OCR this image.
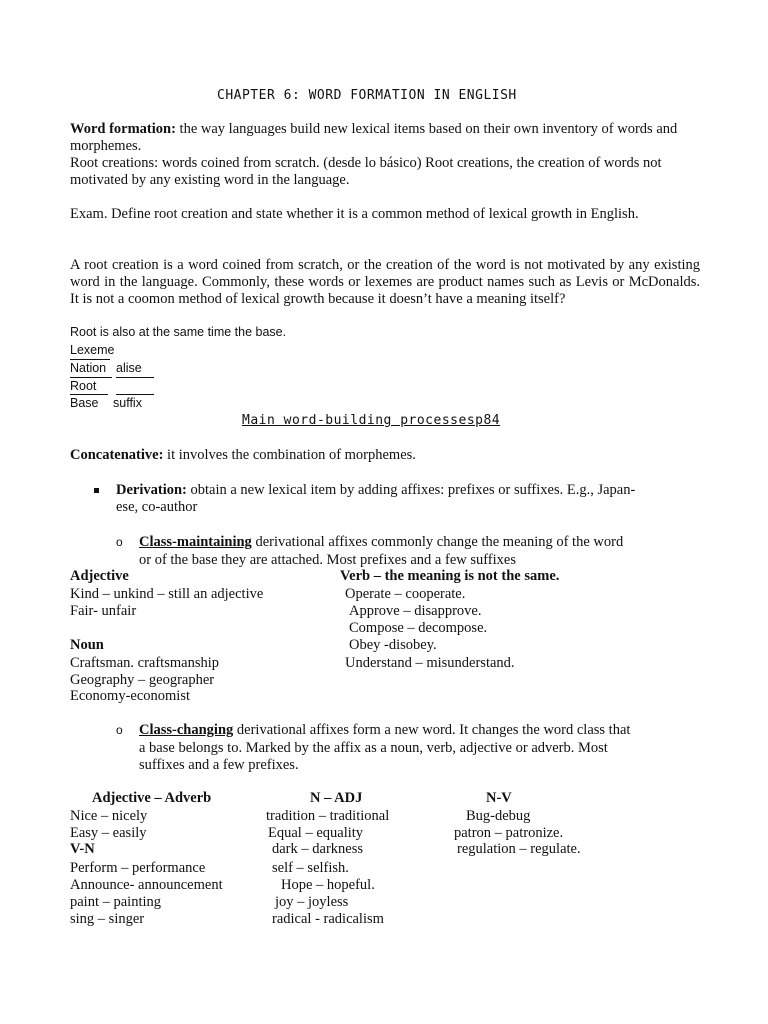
CHAPTER 6: WORD FORMATION IN ENGLISH
Word formation: the way languages build new lexical items based on their own inventory of words and morphemes.
Root creations: words coined from scratch. (desde lo básico) Root creations, the creation of words not motivated by any existing word in the language.
Exam. Define root creation and state whether it is a common method of lexical growth in English.
A root creation is a word coined from scratch, or the creation of the word is not motivated by any existing word in the language. Commonly, these words or lexemes are product names such as Levis or McDonalds. It is not a coomon method of lexical growth because it doesn’t have a meaning itself?
Root is also at the same time the base.
Lexeme
Nation alise
Root
Base suffix
Main word-building processesp84
Concatenative: it involves the combination of morphemes.
Derivation: obtain a new lexical item by adding affixes: prefixes or suffixes. E.g., Japan-
ese, co-author
o Class-maintaining derivational affixes commonly change the meaning of the word
or of the base they are attached. Most prefixes and a few suffixes
Adjective
Kind – unkind – still an adjective
Fair- unfair
Noun
Craftsman. craftsmanship
Geography – geographer
Economy-economist
Verb – the meaning is not the same.
Operate – cooperate.
Approve – disapprove.
Compose – decompose.
Obey -disobey.
Understand – misunderstand.
o Class-changing derivational affixes form a new word. It changes the word class that
a base belongs to. Marked by the affix as a noun, verb, adjective or adverb. Most
suffixes and a few prefixes.
Adjective – Adverb
Nice – nicely
Easy – easily
V-N
Perform – performance
Announce- announcement
paint – painting
sing – singer
N – ADJ
tradition – traditional
Equal – equality
dark – darkness
self – selfish.
Hope – hopeful.
joy – joyless
radical - radicalism
N-V
Bug-debug
patron – patronize.
regulation – regulate.
